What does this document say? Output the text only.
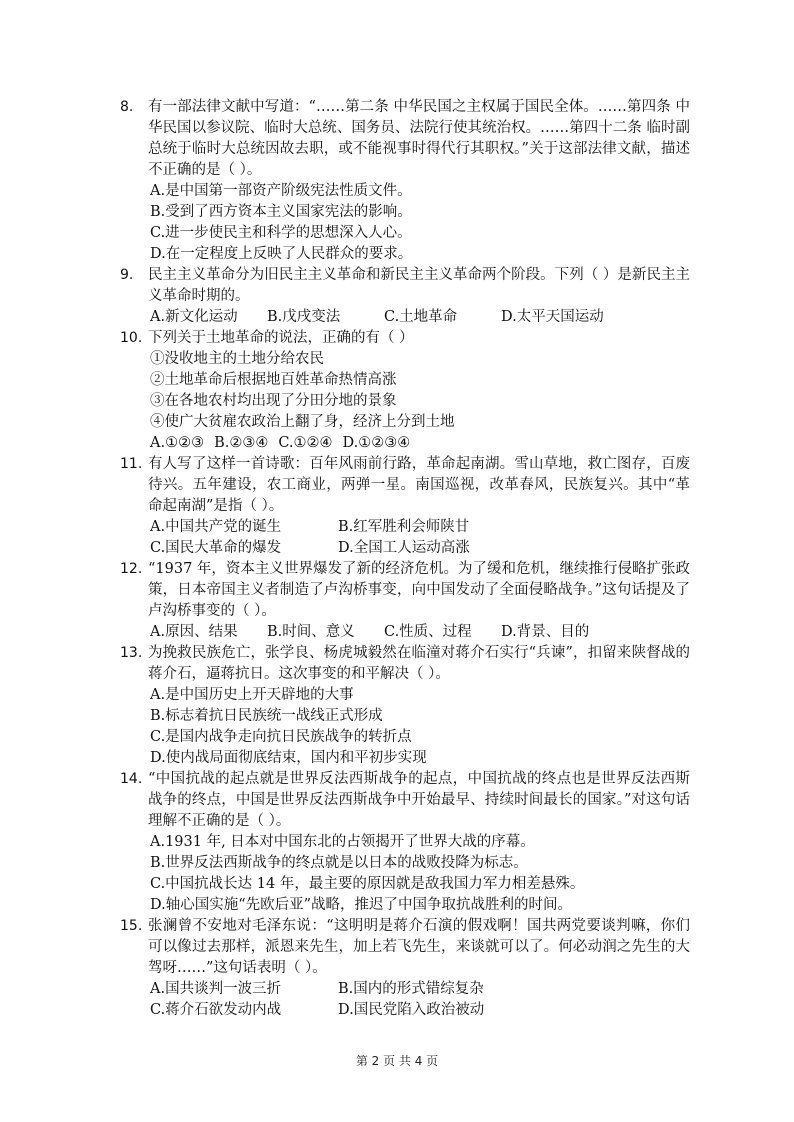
8.	有一部法律文献中写道：“……第二条 中华民国之主权属于国民全体。……第四条 中华民国以参议院、临时大总统、国务员、法院行使其统治权。……第四十二条 临时副总统于临时大总统因故去职，或不能视事时得代行其职权。”关于这部法律文献，描述不正确的是（ ）。
A.是中国第一部资产阶级宪法性质文件。
B.受到了西方资本主义国家宪法的影响。
C.进一步使民主和科学的思想深入人心。
D.在一定程度上反映了人民群众的要求。
9.	民主主义革命分为旧民主主义革命和新民主主义革命两个阶段。下列（ ）是新民主主义革命时期的。
A.新文化运动	B.戊戌变法	C.土地革命	D.太平天国运动
10. 下列关于土地革命的说法，正确的有（ ）
①没收地主的土地分给农民
②土地革命后根据地百姓革命热情高涨
③在各地农村均出现了分田分地的景象
④使广大贫雇农政治上翻了身，经济上分到土地
A.①②③ B.②③④ C.①②④ D.①②③④
11. 有人写了这样一首诗歌：百年风雨前行路，革命起南湖。雪山草地，救亡图存，百废待兴。五年建设，农工商业，两弹一星。南国巡视，改革春风，民族复兴。其中“革命起南湖”是指（ ）。
A.中国共产党的诞生	B.红军胜利会师陕甘
C.国民大革命的爆发	D.全国工人运动高涨
12. “1937 年，资本主义世界爆发了新的经济危机。为了缓和危机，继续推行侵略扩张政策，日本帝国主义者制造了卢沟桥事变，向中国发动了全面侵略战争。”这句话提及了卢沟桥事变的（ ）。
A.原因、结果	B.时间、意义	C.性质、过程	D.背景、目的
13. 为挽救民族危亡，张学良、杨虎城毅然在临潼对蒋介石实行“兵谏”，扣留来陕督战的蒋介石，逼蒋抗日。这次事变的和平解决（ ）。
A.是中国历史上开天辟地的大事
B.标志着抗日民族统一战线正式形成
C.是国内战争走向抗日民族战争的转折点
D.使内战局面彻底结束，国内和平初步实现
14. “中国抗战的起点就是世界反法西斯战争的起点，中国抗战的终点也是世界反法西斯战争的终点，中国是世界反法西斯战争中开始最早、持续时间最长的国家。”对这句话理解不正确的是（ ）。
A.1931 年, 日本对中国东北的占领揭开了世界大战的序幕。
B.世界反法西斯战争的终点就是以日本的战败投降为标志。
C.中国抗战长达 14 年，最主要的原因就是敌我国力军力相差悬殊。
D.轴心国实施“先欧后亚”战略，推迟了中国争取抗战胜利的时间。
15. 张澜曾不安地对毛泽东说：“这明明是蒋介石演的假戏啊！国共两党要谈判嘛，你们可以像过去那样，派恩来先生，加上若飞先生，来谈就可以了。何必动润之先生的大驾呀……”这句话表明（ ）。
A.国共谈判一波三折	B.国内的形式错综复杂
C.蒋介石欲发动内战	D.国民党陷入政治被动
第 2 页 共 4 页
